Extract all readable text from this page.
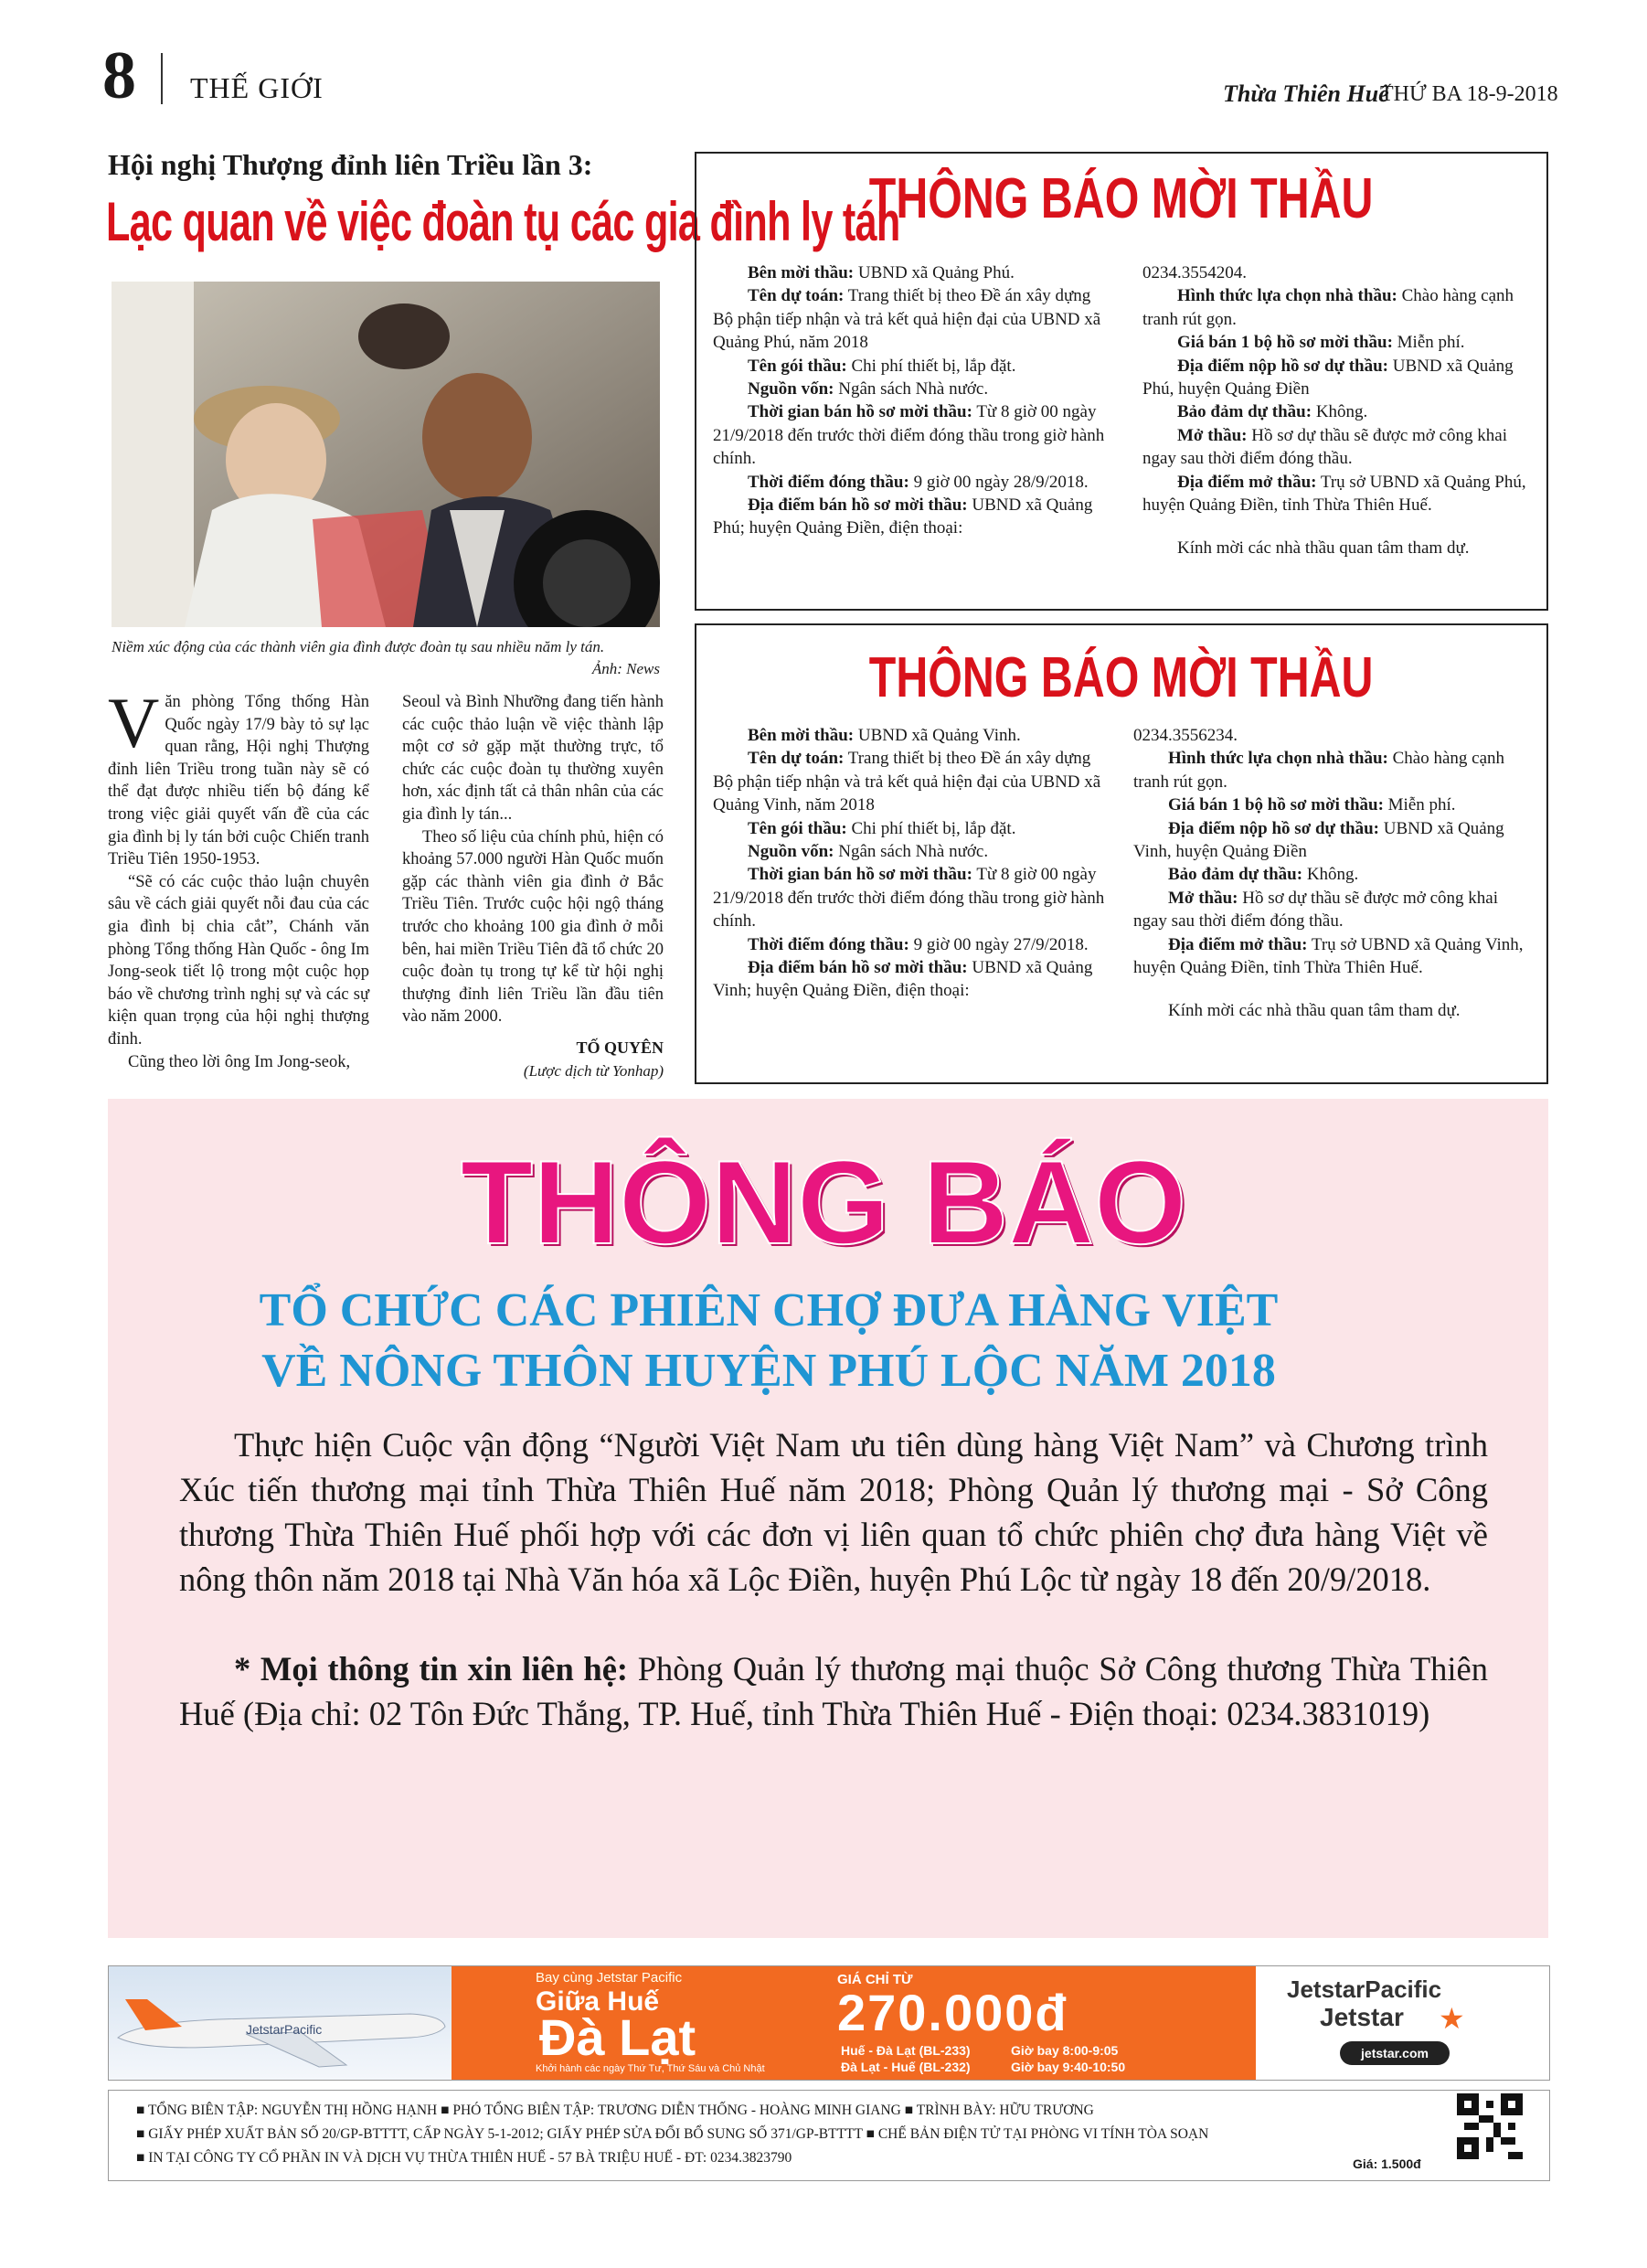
8 THẾ GIỚI	Thừa Thiên Huế
THỨ BA 18-9-2018
Hội nghị Thượng đỉnh liên Triều lần 3:
Lạc quan về việc đoàn tụ các gia đình ly tán
Niềm xúc động của các thành viên gia đình được đoàn tụ sau nhiều năm ly tán.
Ảnh: News
V ăn phòng Tổng thống Hàn Quốc ngày 17/9 bày tỏ sự lạc quan rằng, Hội nghị Thượng đỉnh liên Triều trong tuần này sẽ có thể đạt được nhiều tiến bộ đáng kể trong việc giải quyết vấn đề của các gia đình bị ly tán bởi cuộc Chiến tranh Triều Tiên 1950-1953.
“Sẽ có các cuộc thảo luận chuyên sâu về cách giải quyết nỗi đau của các gia đình bị chia cắt”, Chánh văn phòng Tổng thống Hàn Quốc - ông Im Jong-seok tiết lộ trong một cuộc họp báo về chương trình nghị sự và các sự kiện quan trọng của hội nghị thượng đỉnh.
Cũng theo lời ông Im Jong-seok,
Seoul và Bình Nhưỡng đang tiến hành các cuộc thảo luận về việc thành lập một cơ sở gặp mặt thường trực, tổ chức các cuộc đoàn tụ thường xuyên hơn, xác định tất cả thân nhân của các gia đình ly tán...
Theo số liệu của chính phủ, hiện có khoảng 57.000 người Hàn Quốc muốn gặp các thành viên gia đình ở Bắc Triều Tiên. Trước cuộc hội ngộ tháng trước cho khoảng 100 gia đình ở mỗi bên, hai miền Triều Tiên đã tổ chức 20 cuộc đoàn tụ trong tự kể từ hội nghị thượng đỉnh liên Triều lần đầu tiên vào năm 2000.
TỐ QUYÊN
(Lược dịch từ Yonhap)
THÔNG BÁO MỜI THẦU

Bên mời thầu: UBND xã Quảng Phú.

Tên dự toán: Trang thiết bị theo Đề án xây dựng Bộ phận tiếp nhận và trả kết quả hiện đại của UBND xã Quảng Phú, năm 2018

Tên gói thầu: Chi phí thiết bị, lắp đặt.

Nguồn vốn: Ngân sách Nhà nước.

Thời gian bán hồ sơ mời thầu: Từ 8 giờ 00 ngày 21/9/2018 đến trước thời điểm đóng thầu trong giờ hành chính.

Thời điểm đóng thầu: 9 giờ 00 ngày 28/9/2018.

Địa điểm bán hồ sơ mời thầu: UBND xã Quảng Phú; huyện Quảng Điền, điện thoại:

0234.3554204.

Hình thức lựa chọn nhà thầu: Chào hàng cạnh tranh rút gọn.

Giá bán 1 bộ hồ sơ mời thầu: Miễn phí.

Địa điểm nộp hồ sơ dự thầu: UBND xã Quảng Phú, huyện Quảng Điền

Bảo đảm dự thầu: Không.

Mở thầu: Hồ sơ dự thầu sẽ được mở công khai ngay sau thời điểm đóng thầu.

Địa điểm mở thầu: Trụ sở UBND xã Quảng Phú, huyện Quảng Điền, tỉnh Thừa Thiên Huế.

Kính mời các nhà thầu quan tâm tham dự.

THÔNG BÁO MỜI THẦU

Bên mời thầu: UBND xã Quảng Vinh.

Tên dự toán: Trang thiết bị theo Đề án xây dựng Bộ phận tiếp nhận và trả kết quả hiện đại của UBND xã Quảng Vinh, năm 2018

Tên gói thầu: Chi phí thiết bị, lắp đặt.

Nguồn vốn: Ngân sách Nhà nước.

Thời gian bán hồ sơ mời thầu: Từ 8 giờ 00 ngày 21/9/2018 đến trước thời điểm đóng thầu trong giờ hành chính.

Thời điểm đóng thầu: 9 giờ 00 ngày 27/9/2018.

Địa điểm bán hồ sơ mời thầu: UBND xã Quảng Vinh; huyện Quảng Điền, điện thoại:

0234.3556234.

Hình thức lựa chọn nhà thầu: Chào hàng cạnh tranh rút gọn.

Giá bán 1 bộ hồ sơ mời thầu: Miễn phí.

Địa điểm nộp hồ sơ dự thầu: UBND xã Quảng Vinh, huyện Quảng Điền

Bảo đảm dự thầu: Không.

Mở thầu: Hồ sơ dự thầu sẽ được mở công khai ngay sau thời điểm đóng thầu.

Địa điểm mở thầu: Trụ sở UBND xã Quảng Vinh, huyện Quảng Điền, tỉnh Thừa Thiên Huế.

Kính mời các nhà thầu quan tâm tham dự.

THÔNG BÁO
TỔ CHỨC CÁC PHIÊN CHỢ ĐƯA HÀNG VIỆT
VỀ NÔNG THÔN HUYỆN PHÚ LỘC NĂM 2018

Thực hiện Cuộc vận động “Người Việt Nam ưu tiên dùng hàng Việt Nam” và Chương trình Xúc tiến thương mại tỉnh Thừa Thiên Huế năm 2018; Phòng Quản lý thương mại - Sở Công thương Thừa Thiên Huế phối hợp với các đơn vị liên quan tổ chức phiên chợ đưa hàng Việt về nông thôn năm 2018 tại Nhà Văn hóa xã Lộc Điền, huyện Phú Lộc từ ngày 18 đến 20/9/2018.

* Mọi thông tin xin liên hệ: Phòng Quản lý thương mại thuộc Sở Công thương Thừa Thiên Huế (Địa chỉ: 02 Tôn Đức Thắng, TP. Huế, tỉnh Thừa Thiên Huế - Điện thoại: 0234.3831019)

JetstarPacific
Bay cùng Jetstar Pacific
Giữa Huế
Đà Lạt
Khởi hành các ngày Thứ Tư, Thứ Sáu và Chủ Nhật
GIÁ CHỈ TỪ
270.000đ
Huế - Đà Lạt (BL-233)	Giờ bay 8:00-9:05
Đà Lạt - Huế (BL-232)	Giờ bay 9:40-10:50
JetstarPacific
Jetstar ★
jetstar.com
■ TỔNG BIÊN TẬP: NGUYỄN THỊ HỒNG HẠNH ■ PHÓ TỔNG BIÊN TẬP: TRƯƠNG DIỄN THỐNG - HOÀNG MINH GIANG ■ TRÌNH BÀY: HỮU TRƯƠNG
■ GIẤY PHÉP XUẤT BẢN SỐ 20/GP-BTTTT, CẤP NGÀY 5-1-2012; GIẤY PHÉP SỬA ĐỔI BỔ SUNG SỐ 371/GP-BTTTT ■ CHẾ BẢN ĐIỆN TỬ TẠI PHÒNG VI TÍNH TÒA SOẠN
■ IN TẠI CÔNG TY CỔ PHẦN IN VÀ DỊCH VỤ THỪA THIÊN HUẾ - 57 BÀ TRIỆU HUẾ - ĐT: 0234.3823790	Giá: 1.500đ
